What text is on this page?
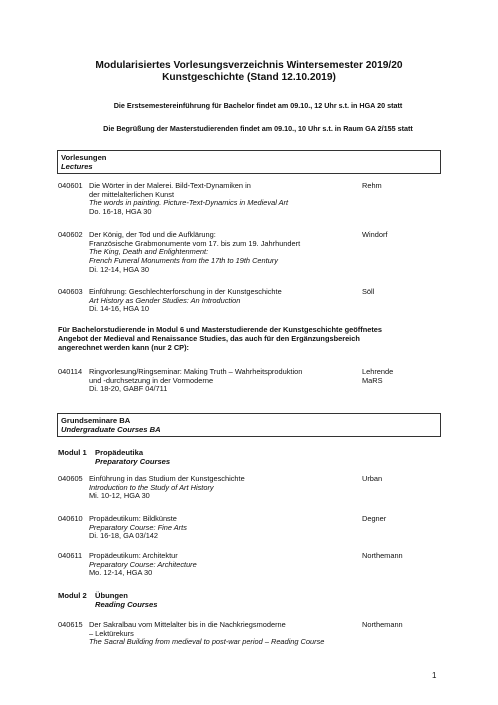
Modularisiertes Vorlesungsverzeichnis Wintersemester 2019/20
Kunstgeschichte (Stand 12.10.2019)
Die Erstsemestereinführung für Bachelor findet am 09.10., 12 Uhr s.t. in HGA 20 statt
Die Begrüßung der Masterstudierenden findet am 09.10., 10 Uhr s.t. in Raum GA 2/155 statt
Vorlesungen
Lectures
040601 Die Wörter in der Malerei. Bild-Text-Dynamiken in
der mittelalterlichen Kunst
The words in painting. Picture-Text-Dynamics in Medieval Art
Do. 16-18, HGA 30
Rehm
040602 Der König, der Tod und die Aufklärung:
Französische Grabmonumente vom 17. bis zum 19. Jahrhundert
The King, Death and Enlightenment:
French Funeral Monuments from the 17th to 19th Century
Di. 12-14, HGA 30
Windorf
040603 Einführung: Geschlechterforschung in der Kunstgeschichte
Art History as Gender Studies: An Introduction
Di. 14-16, HGA 10
Söll
Für Bachelorstudierende in Modul 6 und Masterstudierende der Kunstgeschichte geöffnetes
Angebot der Medieval and Renaissance Studies, das auch für den Ergänzungsbereich
angerechnet werden kann (nur 2 CP):
040114 Ringvorlesung/Ringseminar: Making Truth – Wahrheitsproduktion
und -durchsetzung in der Vormoderne
Di. 18-20, GABF 04/711
Lehrende
MaRS
Grundseminare BA
Undergraduate Courses BA
Modul 1 Propädeutika
Preparatory Courses
040605 Einführung in das Studium der Kunstgeschichte
Introduction to the Study of Art History
Mi. 10-12, HGA 30
Urban
040610 Propädeutikum: Bildkünste
Preparatory Course: Fine Arts
Di. 16-18, GA 03/142
Degner
040611 Propädeutikum: Architektur
Preparatory Course: Architecture
Mo. 12-14, HGA 30
Northemann
Modul 2 Übungen
Reading Courses
040615 Der Sakralbau vom Mittelalter bis in die Nachkriegsmoderne
– Lektürekurs
The Sacral Building from medieval to post-war period – Reading Course
Northemann
1
